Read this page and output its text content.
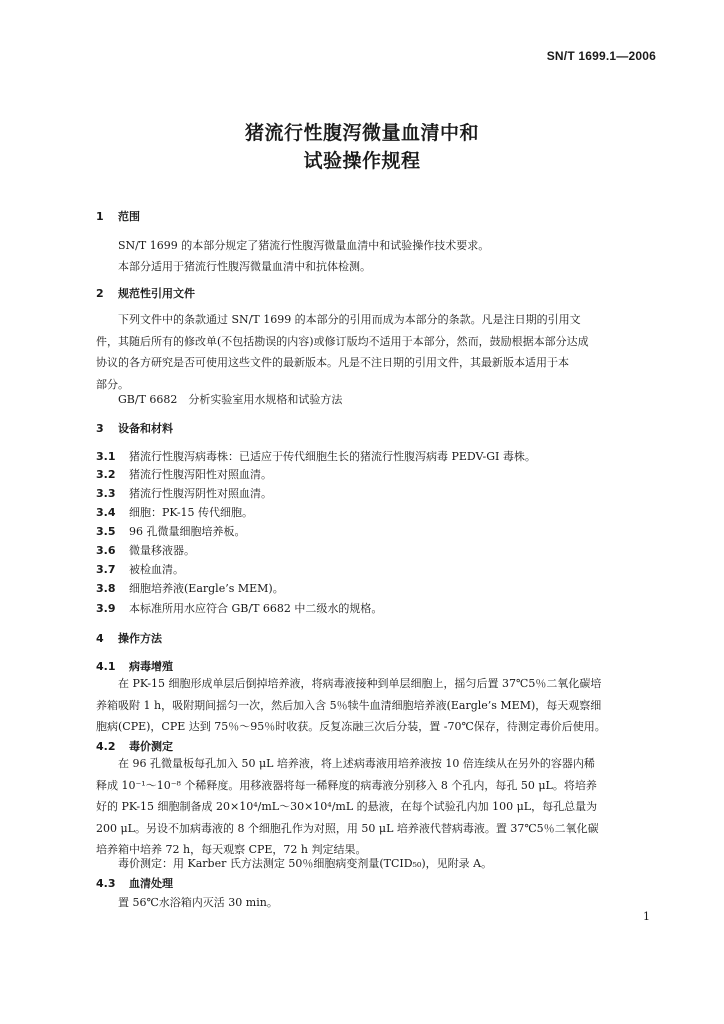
SN/T 1699.1—2006
猪流行性腹泻微量血清中和
试验操作规程
1 范围
SN/T 1699 的本部分规定了猪流行性腹泻微量血清中和试验操作技术要求。
本部分适用于猪流行性腹泻微量血清中和抗体检测。
2 规范性引用文件
下列文件中的条款通过 SN/T 1699 的本部分的引用而成为本部分的条款。凡是注日期的引用文
件，其随后所有的修改单(不包括勘误的内容)或修订版均不适用于本部分，然而，鼓励根据本部分达成
协议的各方研究是否可使用这些文件的最新版本。凡是不注日期的引用文件，其最新版本适用于本
部分。
GB/T 6682　分析实验室用水规格和试验方法
3 设备和材料
3.1 猪流行性腹泻病毒株：已适应于传代细胞生长的猪流行性腹泻病毒 PEDV-GI 毒株。
3.2 猪流行性腹泻阳性对照血清。
3.3 猪流行性腹泻阴性对照血清。
3.4 细胞：PK-15 传代细胞。
3.5 96 孔微量细胞培养板。
3.6 微量移液器。
3.7 被检血清。
3.8 细胞培养液(Eargle’s MEM)。
3.9 本标准所用水应符合 GB/T 6682 中二级水的规格。
4 操作方法
4.1 病毒增殖
在 PK-15 细胞形成单层后倒掉培养液，将病毒液接种到单层细胞上，摇匀后置 37℃5％二氧化碳培
养箱吸附 1 h，吸附期间摇匀一次，然后加入含 5％犊牛血清细胞培养液(Eargle’s MEM)，每天观察细
胞病(CPE)，CPE 达到 75％～95％时收获。反复冻融三次后分装，置 -70℃保存，待测定毒价后使用。
4.2 毒价测定
在 96 孔微量板每孔加入 50 μL 培养液，将上述病毒液用培养液按 10 倍连续从在另外的容器内稀
释成 10⁻¹～10⁻⁸ 个稀释度。用移液器将每一稀释度的病毒液分别移入 8 个孔内，每孔 50 μL。将培养
好的 PK-15 细胞制备成 20×10⁴/mL～30×10⁴/mL 的悬液，在每个试验孔内加 100 μL，每孔总量为
200 μL。另设不加病毒液的 8 个细胞孔作为对照，用 50 μL 培养液代替病毒液。置 37℃5％二氧化碳
培养箱中培养 72 h，每天观察 CPE，72 h 判定结果。
毒价测定：用 Karber 氏方法测定 50％细胞病变剂量(TCID₅₀)，见附录 A。
4.3 血清处理
置 56℃水浴箱内灭活 30 min。
1
